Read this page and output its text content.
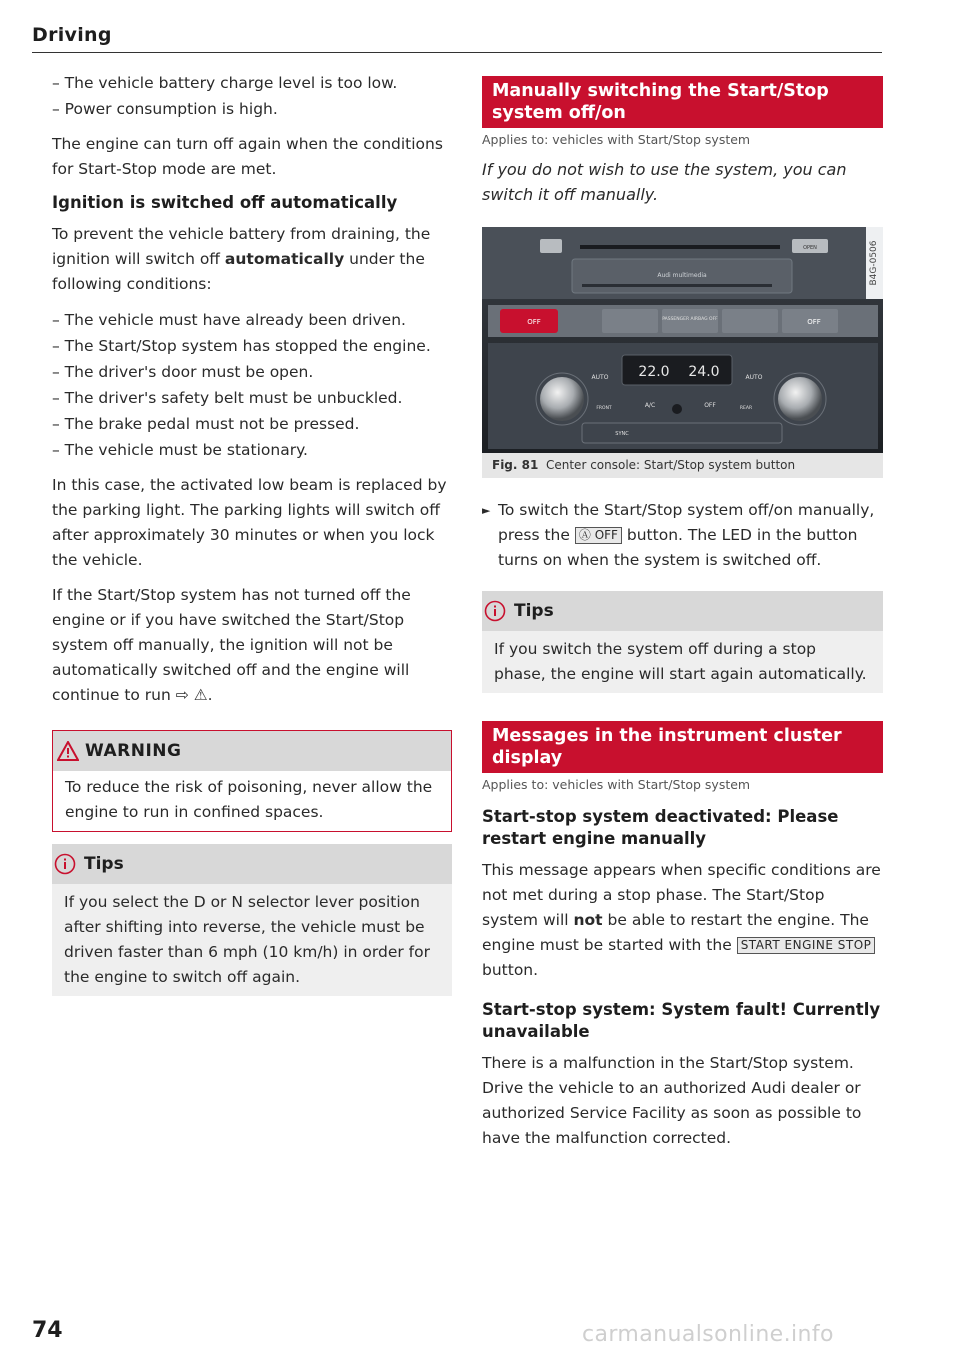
Driving

– The vehicle battery charge level is too low.

– Power consumption is high.

The engine can turn off again when the conditions for Start-Stop mode are met.

Ignition is switched off automatically

To prevent the vehicle battery from draining, the ignition will switch off automatically under the following conditions:

– The vehicle must have already been driven.

– The Start/Stop system has stopped the engine.

– The driver's door must be open.

– The driver's safety belt must be unbuckled.

– The brake pedal must not be pressed.

– The vehicle must be stationary.

In this case, the activated low beam is replaced by the parking light. The parking lights will switch off after approximately 30 minutes or when you lock the vehicle.

If the Start/Stop system has not turned off the engine or if you have switched the Start/Stop system off manually, the ignition will not be automatically switched off and the engine will continue to run ⇨ ⚠.

WARNING

To reduce the risk of poisoning, never allow the engine to run in confined spaces.

Tips

If you select the D or N selector lever position after shifting into reverse, the vehicle must be driven faster than 6 mph (10 km/h) in order for the engine to switch off again.

Manually switching the Start/Stop system off/on
Applies to: vehicles with Start/Stop system

If you do not wish to use the system, you can switch it off manually.

OPEN
Audi multimedia	B4G-0506
OFF	PASSENGER AIRBAG OFF	OFF
22.0 24.0
AUTO	AUTO
FRONT	A/C	OFF	REAR
SYNC
Fig. 81 Center console: Start/Stop system button

► To switch the Start/Stop system off/on manually, press the Ⓐ OFF button. The LED in the button turns on when the system is switched off.

Tips

If you switch the system off during a stop phase, the engine will start again automatically.

Messages in the instrument cluster display
Applies to: vehicles with Start/Stop system
Start-stop system deactivated: Please restart engine manually

This message appears when specific conditions are not met during a stop phase. The Start/Stop system will not be able to restart the engine. The engine must be started with the START ENGINE STOP button.

Start-stop system: System fault! Currently unavailable

There is a malfunction in the Start/Stop system. Drive the vehicle to an authorized Audi dealer or authorized Service Facility as soon as possible to have the malfunction corrected.

74	carmanualsonline.info
